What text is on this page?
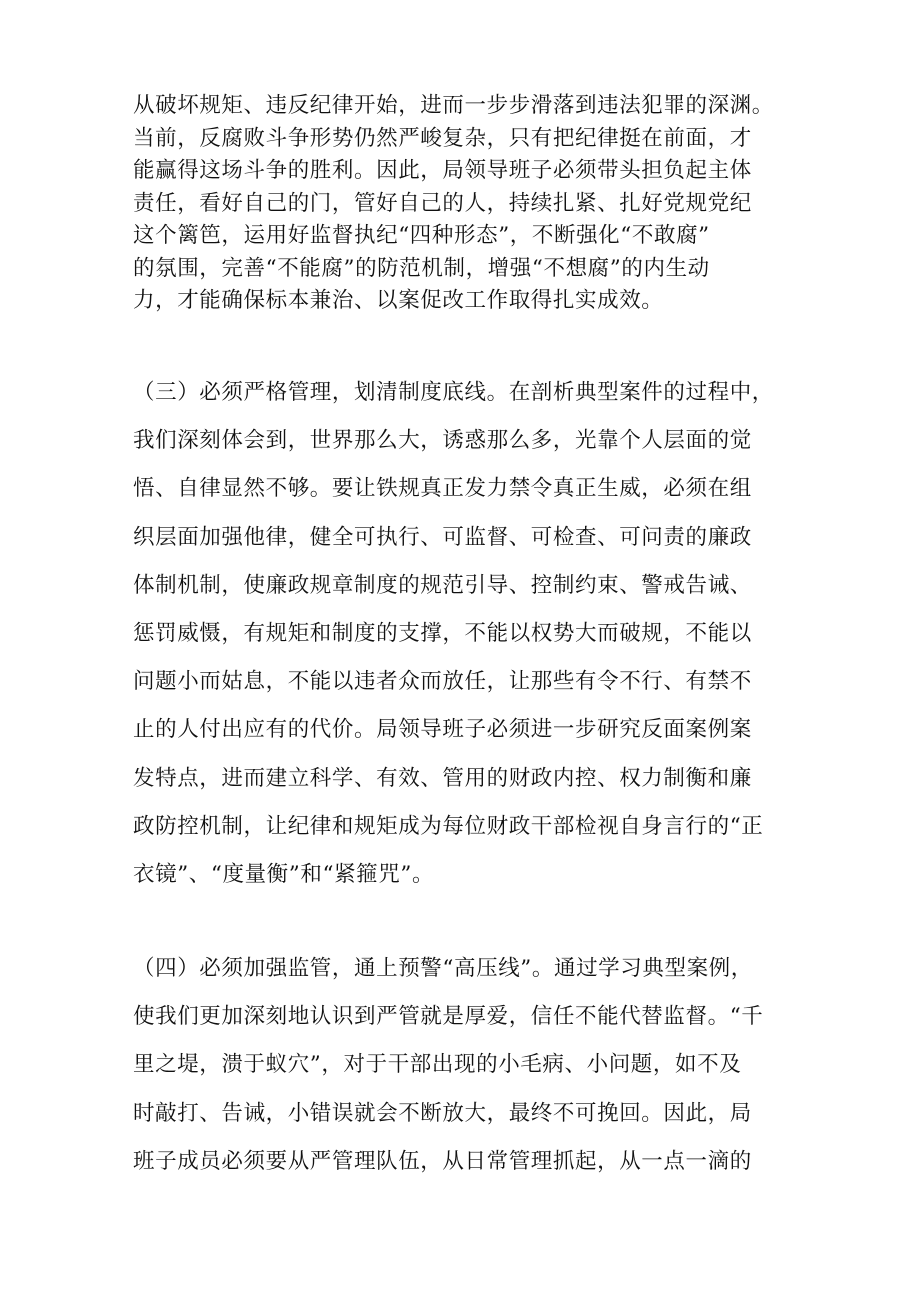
从破坏规矩、违反纪律开始，进而一步步滑落到违法犯罪的深渊。
当前，反腐败斗争形势仍然严峻复杂，只有把纪律挺在前面，才
能赢得这场斗争的胜利。因此，局领导班子必须带头担负起主体
责任，看好自己的门，管好自己的人，持续扎紧、扎好党规党纪
这个篱笆，运用好监督执纪“四种形态”，不断强化“不敢腐”
的氛围，完善“不能腐”的防范机制，增强“不想腐”的内生动
力，才能确保标本兼治、以案促改工作取得扎实成效。
（三）必须严格管理，划清制度底线。在剖析典型案件的过程中，
我们深刻体会到，世界那么大，诱惑那么多，光靠个人层面的觉
悟、自律显然不够。要让铁规真正发力禁令真正生威，必须在组
织层面加强他律，健全可执行、可监督、可检查、可问责的廉政
体制机制，使廉政规章制度的规范引导、控制约束、警戒告诫、
惩罚威慑，有规矩和制度的支撑，不能以权势大而破规，不能以
问题小而姑息，不能以违者众而放任，让那些有令不行、有禁不
止的人付出应有的代价。局领导班子必须进一步研究反面案例案
发特点，进而建立科学、有效、管用的财政内控、权力制衡和廉
政防控机制，让纪律和规矩成为每位财政干部检视自身言行的“正
衣镜”、“度量衡”和“紧箍咒”。
（四）必须加强监管，通上预警“高压线”。通过学习典型案例，
使我们更加深刻地认识到严管就是厚爱，信任不能代替监督。“千
里之堤，溃于蚁穴”，对于干部出现的小毛病、小问题，如不及
时敲打、告诫，小错误就会不断放大，最终不可挽回。因此，局
班子成员必须要从严管理队伍，从日常管理抓起，从一点一滴的
